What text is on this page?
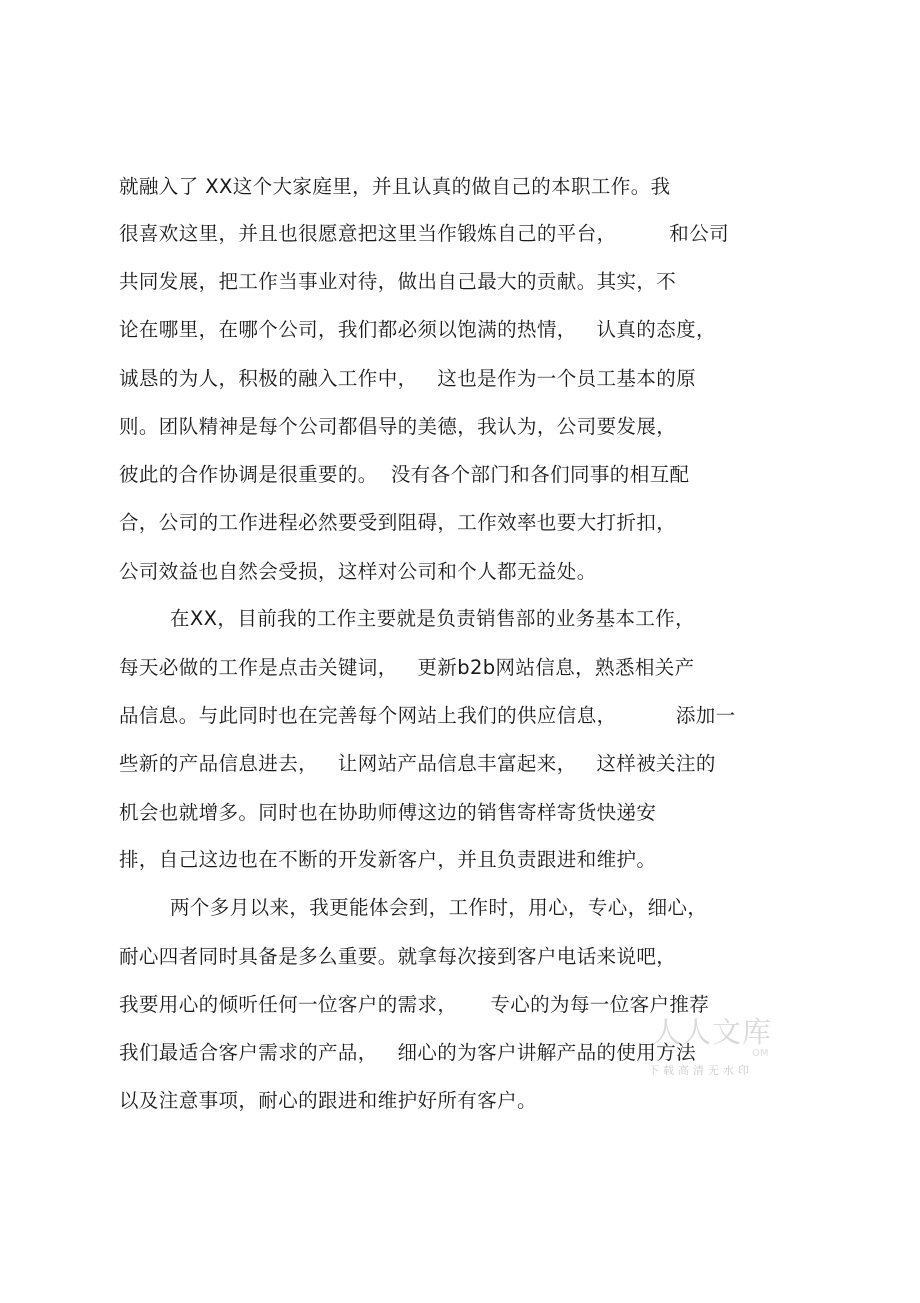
就融入了 XX这个大家庭里，并且认真的做自己的本职工作。我
很喜欢这里，并且也很愿意把这里当作锻炼自己的平台，        和公司
共同发展，把工作当事业对待，做出自己最大的贡献。其实，不
论在哪里，在哪个公司，我们都必须以饱满的热情，   认真的态度，
诚恳的为人，积极的融入工作中，   这也是作为一个员工基本的原
则。团队精神是每个公司都倡导的美德，我认为，公司要发展，
彼此的合作协调是很重要的。  没有各个部门和各们同事的相互配
合，公司的工作进程必然要受到阻碍，工作效率也要大打折扣，
公司效益也自然会受损，这样对公司和个人都无益处。
在XX，目前我的工作主要就是负责销售部的业务基本工作，
每天必做的工作是点击关键词，   更新b2b网站信息，熟悉相关产
品信息。与此同时也在完善每个网站上我们的供应信息，         添加一
些新的产品信息进去，   让网站产品信息丰富起来，   这样被关注的
机会也就增多。同时也在协助师傅这边的销售寄样寄货快递安
排，自己这边也在不断的开发新客户，并且负责跟进和维护。
两个多月以来，我更能体会到，工作时，用心，专心，细心，
耐心四者同时具备是多么重要。就拿每次接到客户电话来说吧，
我要用心的倾听任何一位客户的需求，     专心的为每一位客户推荐
我们最适合客户需求的产品，   细心的为客户讲解产品的使用方法
以及注意事项，耐心的跟进和维护好所有客户。
人人文库
OM
下载高清无水印
